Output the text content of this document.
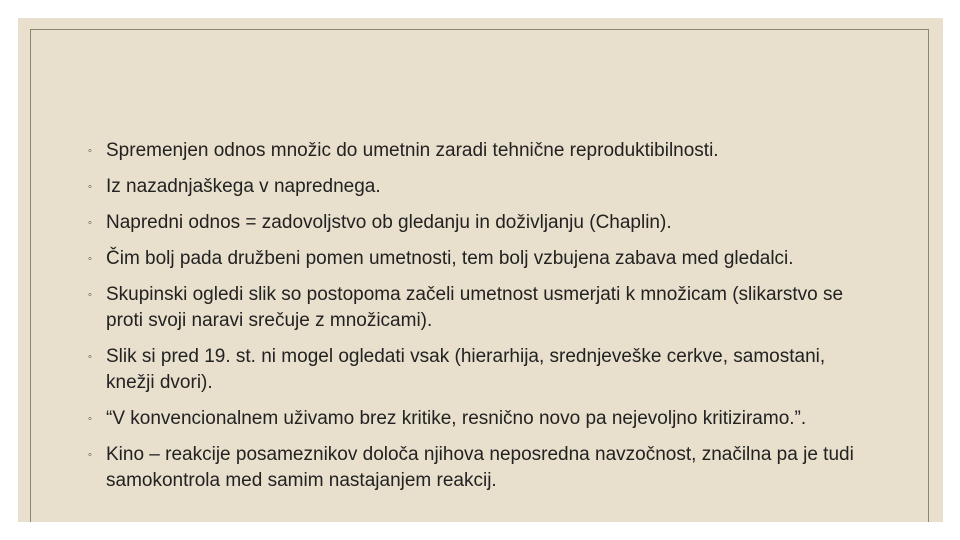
◦ Spremenjen odnos množic do umetnin zaradi tehnične reproduktibilnosti.
◦ Iz nazadnjaškega v naprednega.
◦ Napredni odnos = zadovoljstvo ob gledanju in doživljanju (Chaplin).
◦ Čim bolj pada družbeni pomen umetnosti, tem bolj vzbujena zabava med gledalci.
◦ Skupinski ogledi slik so postopoma začeli umetnost usmerjati k množicam (slikarstvo se proti svoji naravi srečuje z množicami).
◦ Slik si pred 19. st. ni mogel ogledati vsak (hierarhija, srednjeveške cerkve, samostani, knežji dvori).
◦ “V konvencionalnem uživamo brez kritike, resnično novo pa nejevoljno kritiziramo.”.
◦ Kino – reakcije posameznikov določa njihova neposredna navzočnost, značilna pa je tudi samokontrola med samim nastajanjem reakcij.
